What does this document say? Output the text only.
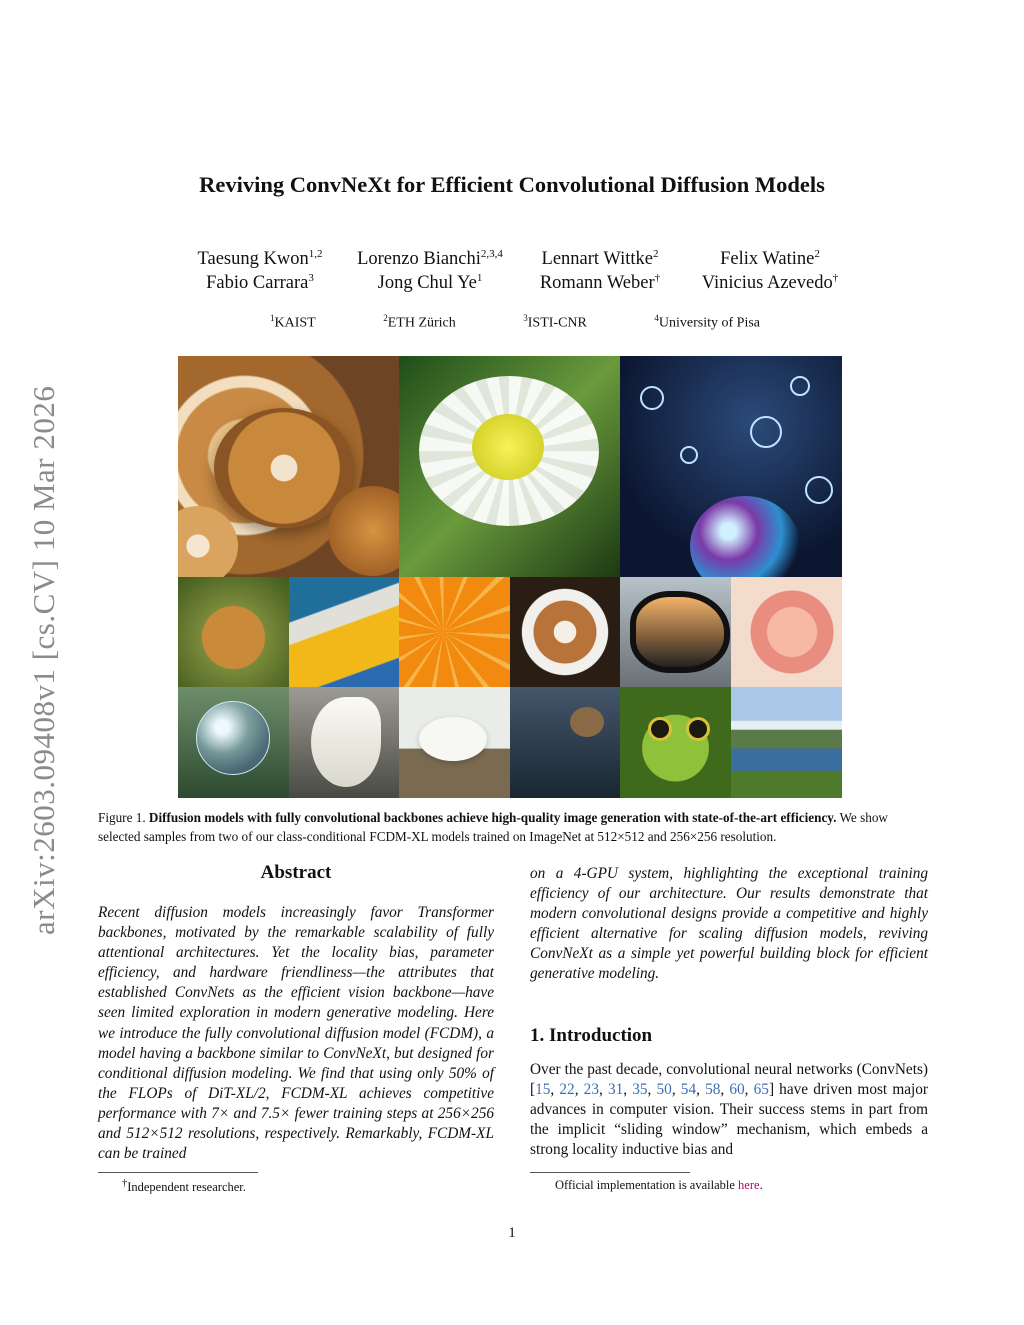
arXiv:2603.09408v1 [cs.CV] 10 Mar 2026
Reviving ConvNeXt for Efficient Convolutional Diffusion Models
Taesung Kwon$^{1,2}$	Lorenzo Bianchi$^{2,3,4}$	Lennart Wittke$^2$	Felix Watine$^2$
Fabio Carrara$^3$	Jong Chul Ye$^1$	Romann Weber†	Vinicius Azevedo†
$^1$KAIST	$^2$ETH Zürich	$^3$ISTI-CNR	$^4$University of Pisa
Figure 1. Diffusion models with fully convolutional backbones achieve high-quality image generation with state-of-the-art efficiency. We show selected samples from two of our class-conditional FCDM-XL models trained on ImageNet at 512×512 and 256×256 resolution.
Abstract
Recent diffusion models increasingly favor Transformer backbones, motivated by the remarkable scalability of fully attentional architectures. Yet the locality bias, parameter efficiency, and hardware friendliness—the attributes that established ConvNets as the efficient vision backbone—have seen limited exploration in modern generative modeling. Here we introduce the fully convolutional diffusion model (FCDM), a model having a backbone similar to ConvNeXt, but designed for conditional diffusion modeling. We find that using only 50% of the FLOPs of DiT-XL/2, FCDM-XL achieves competitive performance with 7× and 7.5× fewer training steps at 256×256 and 512×512 resolutions, respectively. Remarkably, FCDM-XL can be trained
on a 4-GPU system, highlighting the exceptional training efficiency of our architecture. Our results demonstrate that modern convolutional designs provide a competitive and highly efficient alternative for scaling diffusion models, reviving ConvNeXt as a simple yet powerful building block for efficient generative modeling.
1. Introduction
Over the past decade, convolutional neural networks (ConvNets) [15, 22, 23, 31, 35, 50, 54, 58, 60, 65] have driven most major advances in computer vision. Their success stems in part from the implicit “sliding window” mechanism, which embeds a strong locality inductive bias and
†Independent researcher.	Official implementation is available here.
1
